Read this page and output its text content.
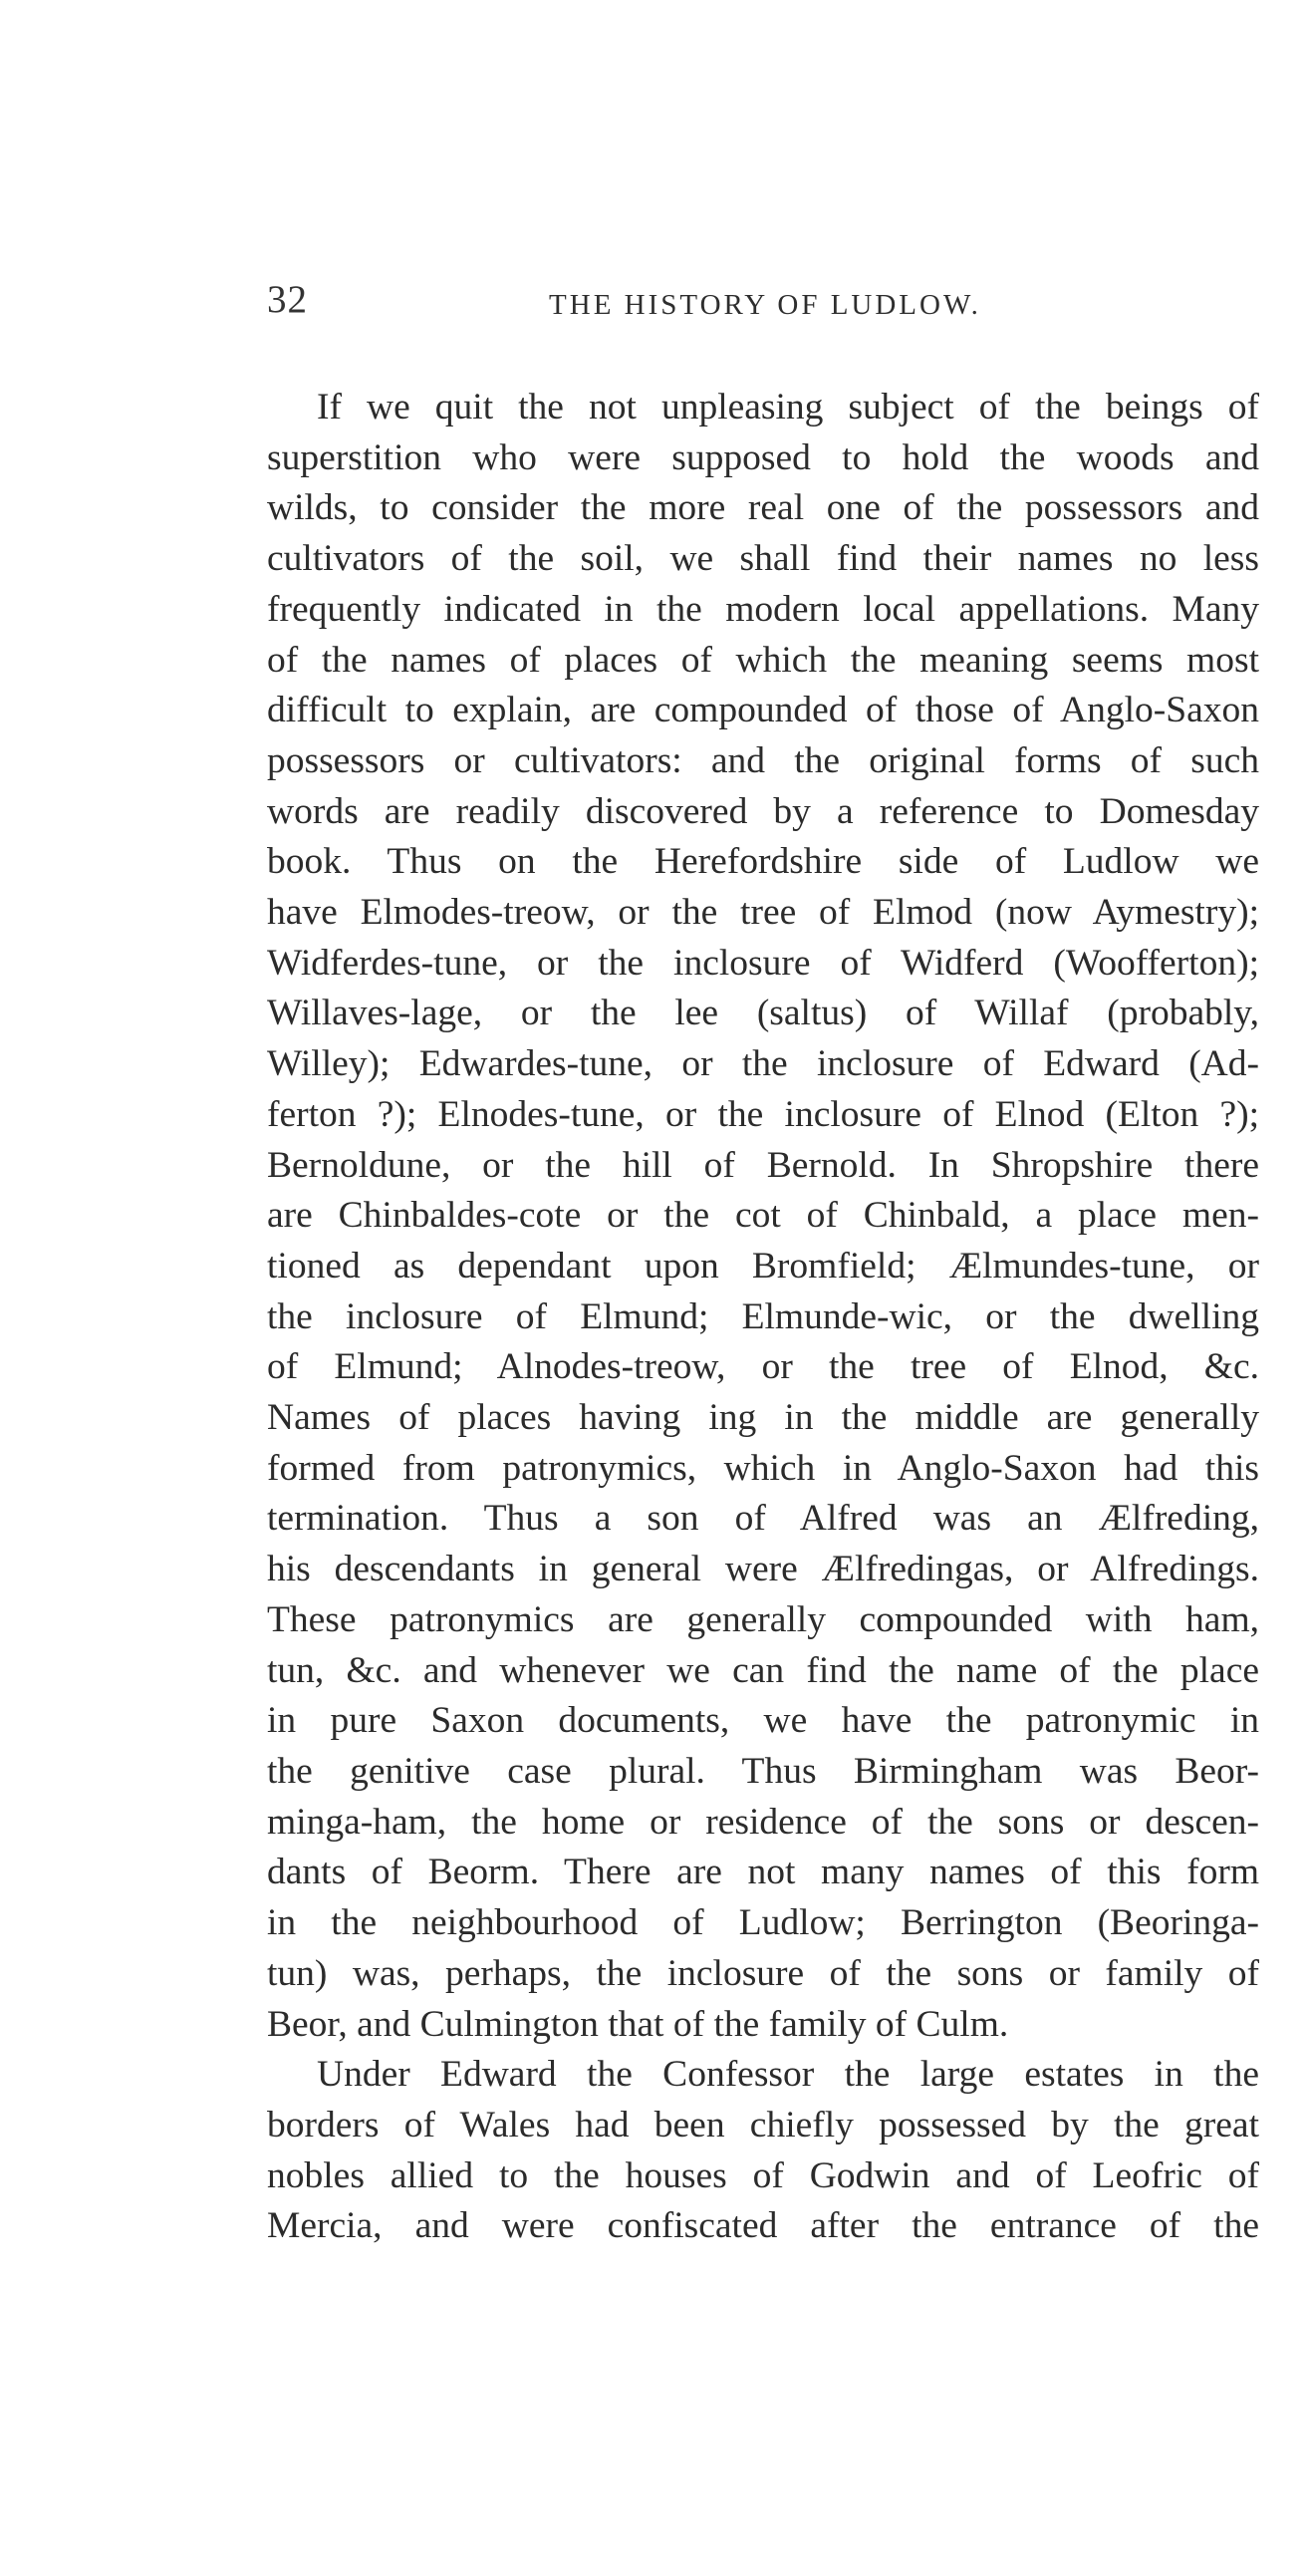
32	THE HISTORY OF LUDLOW.
If we quit the not unpleasing subject of the beings of
superstition who were supposed to hold the woods and
wilds, to consider the more real one of the possessors and
cultivators of the soil, we shall find their names no less
frequently indicated in the modern local appellations. Many
of the names of places of which the meaning seems most
difficult to explain, are compounded of those of Anglo-Saxon
possessors or cultivators: and the original forms of such
words are readily discovered by a reference to Domesday
book. Thus on the Herefordshire side of Ludlow we
have Elmodes-treow, or the tree of Elmod (now Aymestry);
Widferdes-tune, or the inclosure of Widferd (Woofferton);
Willaves-lage, or the lee (saltus) of Willaf (probably,
Willey); Edwardes-tune, or the inclosure of Edward (Ad-
ferton ?); Elnodes-tune, or the inclosure of Elnod (Elton ?);
Bernoldune, or the hill of Bernold. In Shropshire there
are Chinbaldes-cote or the cot of Chinbald, a place men-
tioned as dependant upon Bromfield; Ælmundes-tune, or
the inclosure of Elmund; Elmunde-wic, or the dwelling
of Elmund; Alnodes-treow, or the tree of Elnod, &c.
Names of places having ing in the middle are generally
formed from patronymics, which in Anglo-Saxon had this
termination. Thus a son of Alfred was an Ælfreding,
his descendants in general were Ælfredingas, or Alfredings.
These patronymics are generally compounded with ham,
tun, &c. and whenever we can find the name of the place
in pure Saxon documents, we have the patronymic in
the genitive case plural. Thus Birmingham was Beor-
minga-ham, the home or residence of the sons or descen-
dants of Beorm. There are not many names of this form
in the neighbourhood of Ludlow; Berrington (Beoringa-
tun) was, perhaps, the inclosure of the sons or family of
Beor, and Culmington that of the family of Culm.
Under Edward the Confessor the large estates in the
borders of Wales had been chiefly possessed by the great
nobles allied to the houses of Godwin and of Leofric of
Mercia, and were confiscated after the entrance of the
